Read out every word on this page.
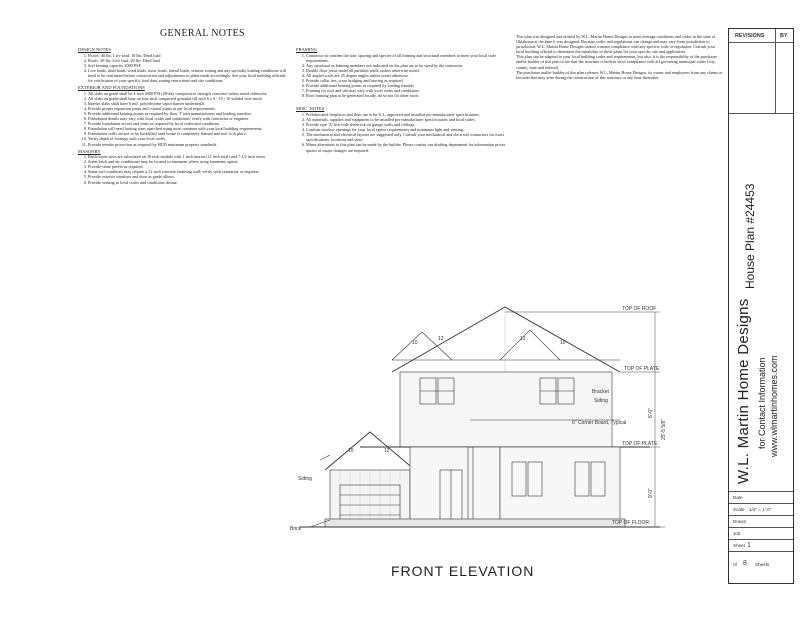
GENERAL NOTES
DESIGN NOTES
1. Floors: 40 lbs. Live load, 10 lbs. Dead load
2. Roofs: 30 lbs. Live load, 20 lbs. Dead load
3. Soil bearing capacity 2000 PSF
4. Live loads, dead loads, wind loads, snow loads, lateral loads, seismic zoning and any specialty loading conditions will need to be confirmed before construction and adjustments to plans made accordingly. See your local building officials for verification of your specific load data, zoning restrictions and site conditions.
EXTERIOR AND FOUNDATIONS
1. All slabs on grade shall be 4 inch 3000 PSI (28-day compressive strength concrete) unless noted otherwise.
2. All slabs on grade shall bear on four inch compacted granular fill with 6 x 6 - 10 / 10 welded wire mesh.
3. Interior slabs shall have 6 mil. polyethylene vapor barrier underneath.
4. Provide proper expansion joints and control joints as per local requirements.
5. Provide additional bearing points as required by floor 'I' joist manufacturers and loading transfers.
6. Foundation details may vary with local codes and conditions, verify with contractor or engineer.
7. Provide foundation access and vents as required by local codes and conditions.
8. Foundation will need footing sizes specified using most common with your local building requirements.
9. Foundation walls are not to be backfilled until house is completely framed and roof is in place.
10. Verify depth of footings with your local codes.
11. Provide termite protection as required by HUD minimum property standards.
MASONRY
1. Brick/stone sizes are calculated on 10 inch module with 1 inch mortar (11 inch total) and 7-1/2 inch risers.
2. Some brick and air conditioner may be located in basement where using basement option.
3. Provide stone pavers as required.
4. Some soil conditions may require a 12 inch concrete retaining wall; verify with contractor or engineer.
5. Provide exterior windows and door as grade allows.
6. Provide venting as local codes and conditions dictate.
FRAMING
1. Contractor to confirm the size, spacing and species of all framing and structural members to meet your local code requirements.
2. Any structural or framing members not indicated on the plan are to be sized by the contractor.
3. Double floor joists under all partition walls, unless otherwise noted.
4. All angled walls are 45 degree angles unless noted otherwise.
5. Provide collar ties, cross bridging and bracing as required.
6. Provide additional bearing points as required by loading transfer.
7. Framing for roof and site may vary with local codes and conditions.
8. Roof framing plan to be generated locally, do so not for other roofs.
MISC. NOTES
1. Prefabricated fireplaces and flues are to be U.L. approved and installed per manufacturer specifications.
2. All materials, supplies and equipment to be installed per manufacturer specifications and local codes.
3. Provide type 'X' fire code sheetrock on garage walls and ceilings.
4. Confirm window openings for your local egress requirements and minimum light and venting.
5. The mechanical and electrical layouts are suggested only. Consult your mechanical and electrical contractors for exact specifications, locations and sizes.
6. Minor alterations to this plan can be made by the builder. Please contact our drafting department for information prices quotes of major changes are required.

This plan was designed and drafted by W.L. Martin Home Designs to meet average conditions and codes in the state of Oklahoma at the time it was designed. Because codes and regulations can change and may vary from jurisdiction to jurisdiction, W.L. Martin Home Designs cannot warrant compliance with any specific code or regulation. Consult your local building official to determine the suitability of these plans for your specific site and application.

This plan can be adapted to your local building codes and requirements, but also, it is the responsibility of the purchaser and/or builder of this plan to see that the structure is built in strict compliance with all governing municipal codes (city, county, state and federal).

The purchaser and/or builder of this plan releases W.L. Martin Home Designs, its owner and employees from any claims or lawsuits that may arise during the construction of this structure or any time thereafter.

TOP OF ROOF
TOP OF PLATE
TOP OF PLATE
TOP OF FLOOR
Bracket
Siding
6" Corner Board, Typical
Siding
Brick
10	10
12	12
10	12
8'-0"
25'-5 5/8"
9'-0"
FRONT ELEVATION
REVISIONS	BY
W.L. Martin Home Designs for Contact Information www.wlmartinhomes.com
House Plan #24453
Date
Scale 1/4" = 1'-0"
Drawn
Job
Sheet 1
of 8 Sheets
